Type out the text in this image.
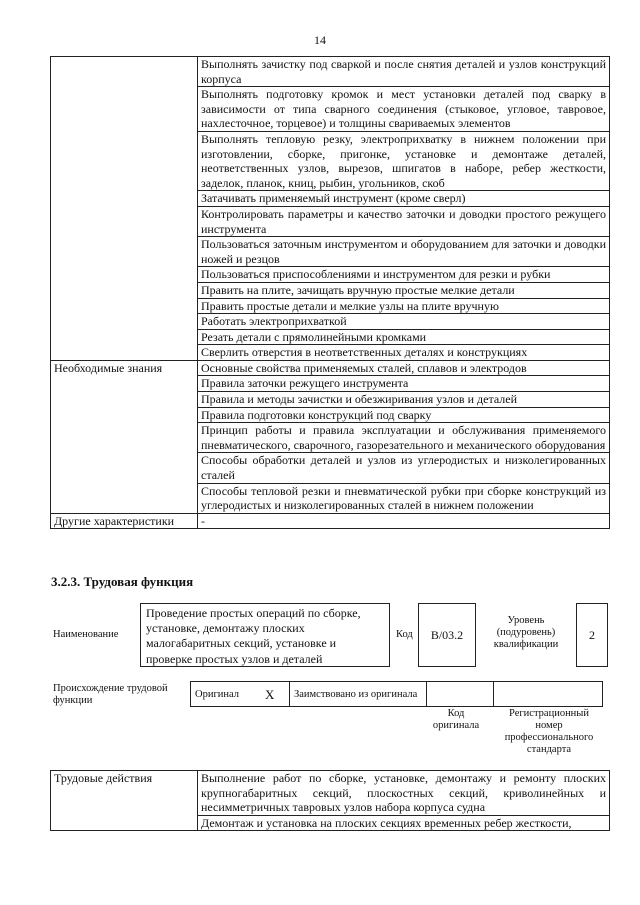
14
	Выполнять зачистку под сваркой и после снятия деталей и узлов конструкций корпуса
	Выполнять подготовку кромок и мест установки деталей под сварку в зависимости от типа сварного соединения (стыковое, угловое, тавровое, нахлесточное, торцевое) и толщины свариваемых элементов
	Выполнять тепловую резку, электроприхватку в нижнем положении при изготовлении, сборке, пригонке, установке и демонтаже деталей, неответственных узлов, вырезов, шпигатов в наборе, ребер жесткости, заделок, планок, книц, рыбин, угольников, скоб
	Затачивать применяемый инструмент (кроме сверл)
	Контролировать параметры и качество заточки и доводки простого режущего инструмента
	Пользоваться заточным инструментом и оборудованием для заточки и доводки ножей и резцов
	Пользоваться приспособлениями и инструментом для резки и рубки
	Править на плите, зачищать вручную простые мелкие детали
	Править простые детали и мелкие узлы на плите вручную
	Работать электроприхваткой
	Резать детали с прямолинейными кромками
	Сверлить отверстия в неответственных деталях и конструкциях
Необходимые знания	Основные свойства применяемых сталей, сплавов и электродов
	Правила заточки режущего инструмента
	Правила и методы зачистки и обезжиривания узлов и деталей
	Правила подготовки конструкций под сварку
	Принцип работы и правила эксплуатации и обслуживания применяемого пневматического, сварочного, газорезательного и механического оборудования
	Способы обработки деталей и узлов из углеродистых и низколегированных сталей
	Способы тепловой резки и пневматической рубки при сборке конструкций из углеродистых и низколегированных сталей в нижнем положении
Другие характеристики	-
3.2.3. Трудовая функция
Наименование
Проведение простых операций по сборке, установке, демонтажу плоских малогабаритных секций, установке и проверке простых узлов и деталей
Код	B/03.2
Уровень (подуровень) квалификации
2
Происхождение трудовой функции
Оригинал	X	Заимствовано из оригинала		
Код оригинала
Регистрационный номер профессионального стандарта
Трудовые действия	Выполнение работ по сборке, установке, демонтажу и ремонту плоских крупногабаритных секций, плоскостных секций, криволинейных и несимметричных тавровых узлов набора корпуса судна
Демонтаж и установка на плоских секциях временных ребер жесткости,
